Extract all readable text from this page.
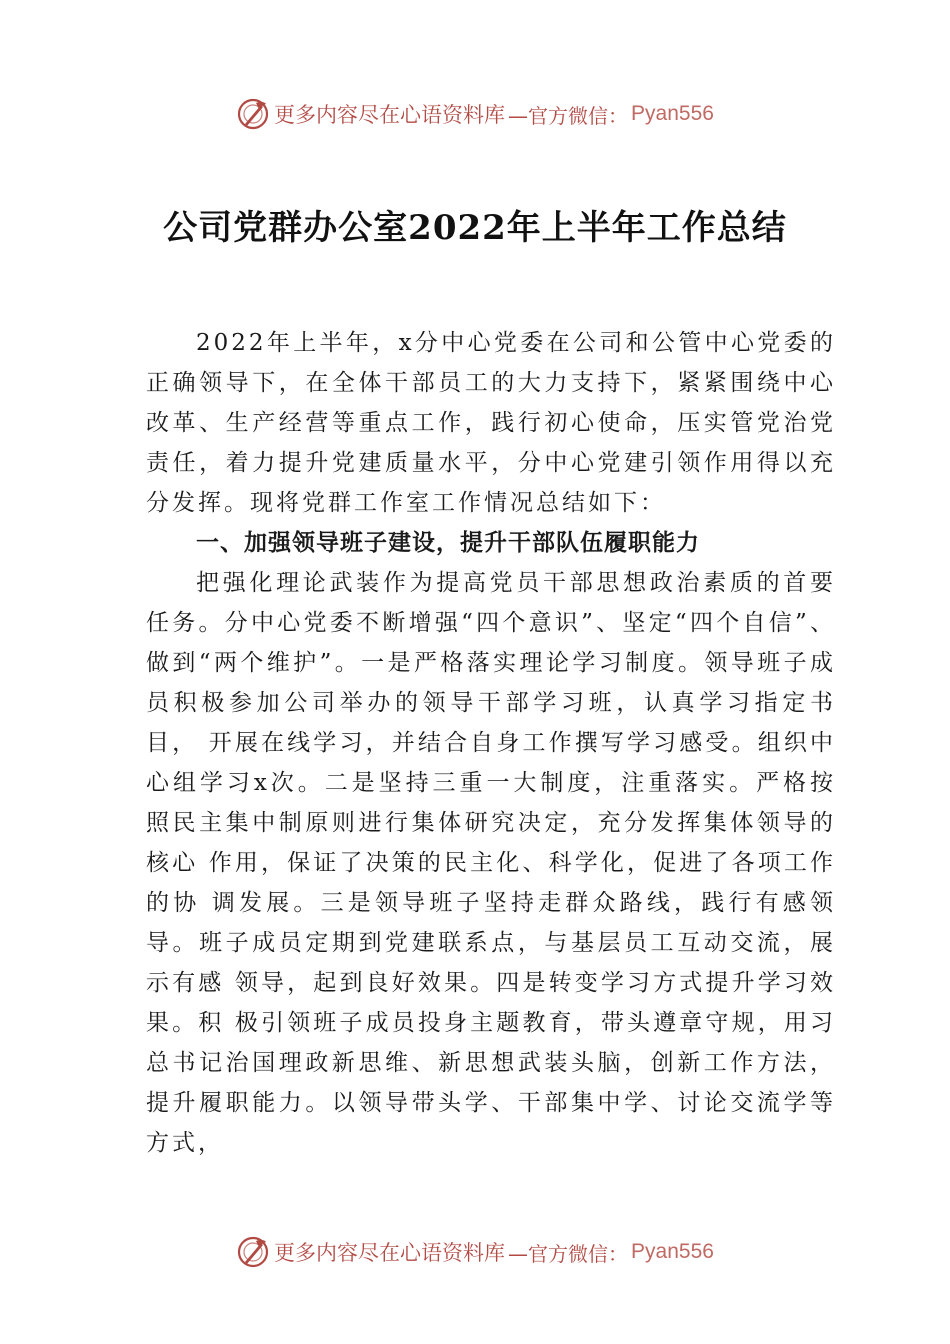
更多内容尽在心语资料库 —官方微信： Pyan556
公司党群办公室2022年上半年工作总结

2022年上半年，x分中心党委在公司和公管中心党委的正确领导下，在全体干部员工的大力支持下，紧紧围绕中心改革、生产经营等重点工作，践行初心使命，压实管党治党责任，着力提升党建质量水平，分中心党建引领作用得以充分发挥。现将党群工作室工作情况总结如下：

一、加强领导班子建设，提升干部队伍履职能力

把强化理论武装作为提高党员干部思想政治素质的首要任务。分中心党委不断增强“四个意识”、坚定“四个自信”、做到“两个维护”。一是严格落实理论学习制度。领导班子成员积极参加公司举办的领导干部学习班，认真学习指定书目， 开展在线学习，并结合自身工作撰写学习感受。组织中心组学习x次。二是坚持三重一大制度，注重落实。严格按照民主集中制原则进行集体研究决定，充分发挥集体领导的核心 作用，保证了决策的民主化、科学化，促进了各项工作的协 调发展。三是领导班子坚持走群众路线，践行有感领导。班子成员定期到党建联系点，与基层员工互动交流，展示有感 领导，起到良好效果。四是转变学习方式提升学习效果。积 极引领班子成员投身主题教育，带头遵章守规，用习总书记治国理政新思维、新思想武装头脑，创新工作方法，提升履职能力。以领导带头学、干部集中学、讨论交流学等方式，

更多内容尽在心语资料库 —官方微信： Pyan556
